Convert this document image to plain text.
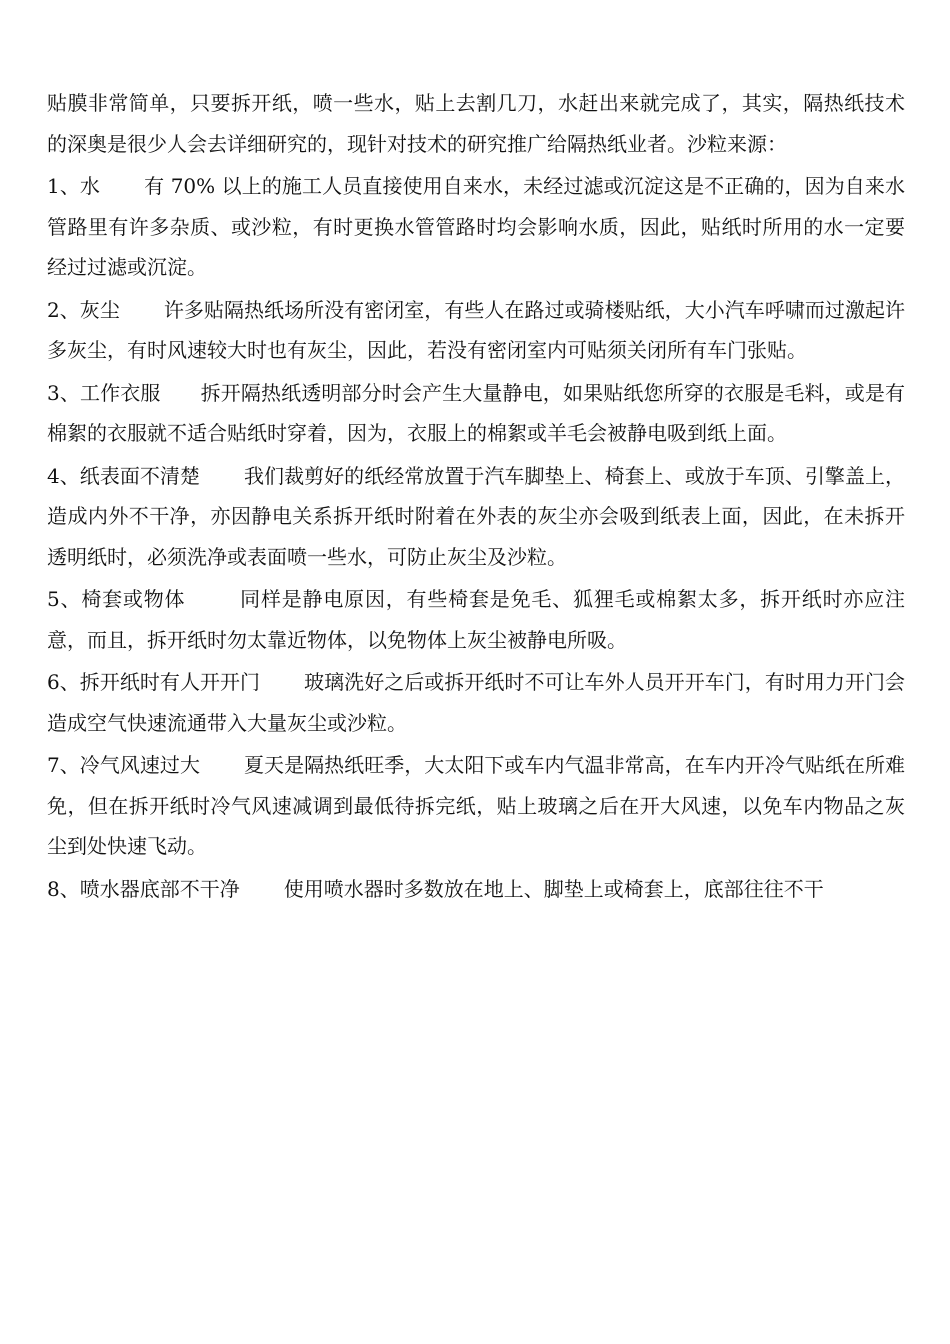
贴膜非常简单，只要拆开纸，喷一些水，贴上去割几刀，水赶出来就完成了，其实，隔热纸技术的深奥是很少人会去详细研究的，现针对技术的研究推广给隔热纸业者。沙粒来源：

1、水 有 70% 以上的施工人员直接使用自来水，未经过滤或沉淀这是不正确的，因为自来水管路里有许多杂质、或沙粒，有时更换水管管路时均会影响水质，因此，贴纸时所用的水一定要经过过滤或沉淀。

2、灰尘 许多贴隔热纸场所没有密闭室，有些人在路过或骑楼贴纸，大小汽车呼啸而过激起许多灰尘，有时风速较大时也有灰尘，因此，若没有密闭室内可贴须关闭所有车门张贴。

3、工作衣服 拆开隔热纸透明部分时会产生大量静电，如果贴纸您所穿的衣服是毛料，或是有棉絮的衣服就不适合贴纸时穿着，因为，衣服上的棉絮或羊毛会被静电吸到纸上面。

4、纸表面不清楚 我们裁剪好的纸经常放置于汽车脚垫上、椅套上、或放于车顶、引擎盖上，造成内外不干净，亦因静电关系拆开纸时附着在外表的灰尘亦会吸到纸表上面，因此，在未拆开透明纸时，必须洗净或表面喷一些水，可防止灰尘及沙粒。

5、椅套或物体	同样是静电原因，有些椅套是免毛、狐狸毛或棉絮太多，拆开纸时亦应注意，而且，拆开纸时勿太靠近物体，以免物体上灰尘被静电所吸。

6、拆开纸时有人开开门 玻璃洗好之后或拆开纸时不可让车外人员开开车门，有时用力开门会造成空气快速流通带入大量灰尘或沙粒。

7、冷气风速过大 夏天是隔热纸旺季，大太阳下或车内气温非常高，在车内开冷气贴纸在所难免，但在拆开纸时冷气风速减调到最低待拆完纸，贴上玻璃之后在开大风速，以免车内物品之灰尘到处快速飞动。

8、喷水器底部不干净 使用喷水器时多数放在地上、脚垫上或椅套上，底部往往不干
